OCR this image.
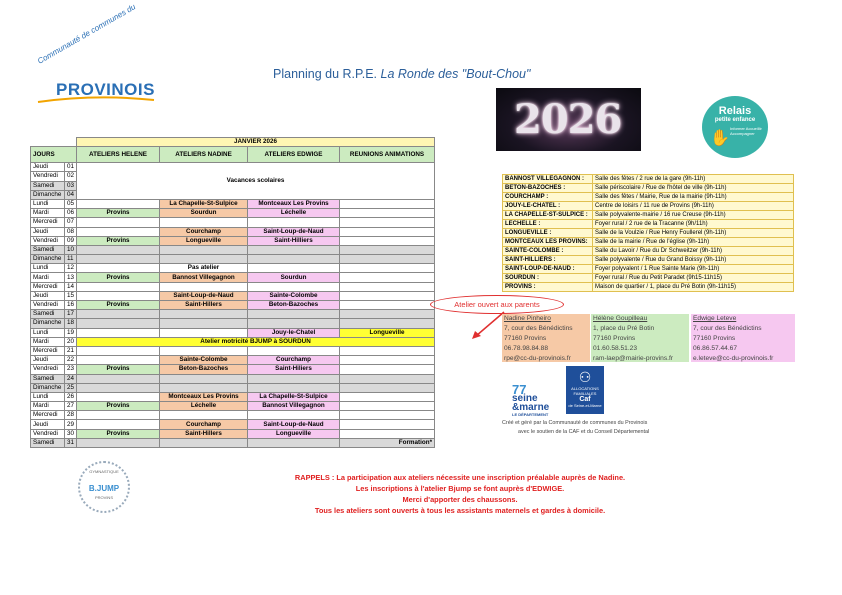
Communauté de communes du
PROVINOIS
Planning du R.P.E. La Ronde des "Bout-Chou"
2026	Relais
petite enfance
✋
Informer Accueillir Accompagner
		JANVIER 2026			
JOURS		ATELIERS HELENE	ATELIERS NADINE	ATELIERS EDWIGE	REUNIONS ANIMATIONS
Jeudi	01	Vacances scolaires			
Vendredi	02				
Samedi	03				
Dimanche	04				
Lundi	05		La Chapelle-St-Sulpice	Montceaux Les Provins	
Mardi	06	Provins	Sourdun	Léchelle	
Mercredi	07				
Jeudi	08		Courchamp	Saint-Loup-de-Naud	
Vendredi	09	Provins	Longueville	Saint-Hilliers	
Samedi	10				
Dimanche	11				
Lundi	12		Pas atelier		
Mardi	13	Provins	Bannost Villegagnon	Sourdun	
Mercredi	14				
Jeudi	15		Saint-Loup-de-Naud	Sainte-Colombe	
Vendredi	16	Provins	Saint-Hillers	Beton-Bazoches	
Samedi	17				
Dimanche	18				
Lundi	19			Jouy-le-Chatel	Longueville
Mardi	20	Atelier motricité BJUMP à SOURDUN			
Mercredi	21				
Jeudi	22		Sainte-Colombe	Courchamp	
Vendredi	23	Provins	Beton-Bazoches	Saint-Hiliers	
Samedi	24				
Dimanche	25				
Lundi	26		Montceaux Les Provins	La Chapelle-St-Sulpice	
Mardi	27	Provins	Léchelle	Bannost Villegagnon	
Mercredi	28				
Jeudi	29		Courchamp	Saint-Loup-de-Naud	
Vendredi	30	Provins	Saint-Hillers	Longueville	
Samedi	31				Formation*
BANNOST VILLEGAGNON :	Salle des fêtes / 2 rue de la gare (9h-11h)
BETON-BAZOCHES :	Salle périscolaire / Rue de l'hôtel de ville (9h-11h)
COURCHAMP :	Salle des fêtes / Mairie, Rue de la mairie (9h-11h)
JOUY-LE-CHATEL :	Centre de loisirs / 11 rue de Provins (9h-11h)
LA CHAPELLE-ST-SULPICE :	Salle polyvalente-mairie / 16 rue Creuse (9h-11h)
LECHELLE :	Foyer rural / 2 rue de la Tracanne (9h/11h)
LONGUEVILLE :	Salle de la Voulzie / Rue Henry Foullerel (9h-11h)
MONTCEAUX LES PROVINS:	Salle de la mairie / Rue de l'église (9h-11h)
SAINTE-COLOMBE :	Salle du Lavoir / Rue du Dr Schweitzer (9h-11h)
SAINT-HILLIERS :	Salle polyvalente / Rue du Grand Boissy (9h-11h)
SAINT-LOUP-DE-NAUD :	Foyer polyvalent / 1 Rue Sainte Marie (9h-11h)
SOURDUN :	Foyer rural / Rue du Petit Paradet (9h15-11h15)
PROVINS :	Maison de quartier / 1, place du Pré Botin (9h-11h15)
Atelier ouvert aux parents
Nadine Pinheiro
7, cour des Bénédictins
77160 Provins
06.78.98.84.88
rpe@cc-du-provinois.fr
Hélène Goupilleau
1, place du Pré Botin
77160 Provins
01.60.58.51.23
ram-laep@mairie-provins.fr
Edwige Leteve
7, cour des Bénédictins
77160 Provins
06.86.57.44.67
e.leteve@cc-du-provinois.fr
77
seine
&marne
LE DÉPARTEMENT
⚇
ALLOCATIONS FAMILIALES
Caf
de Seine-et-Marne
Créé et géré par la Communauté de communes du Provinois
avec le soutien de la CAF et du Conseil Départemental
GYMNASTIQUE
B.JUMP
PROVINS
RAPPELS : La participation aux ateliers nécessite une inscription préalable auprès de Nadine.
Les inscriptions à l'atelier Bjump se font auprès d'EDWIGE.
Merci d'apporter des chaussons.
Tous les ateliers sont ouverts à tous les assistants maternels et gardes à domicile.
